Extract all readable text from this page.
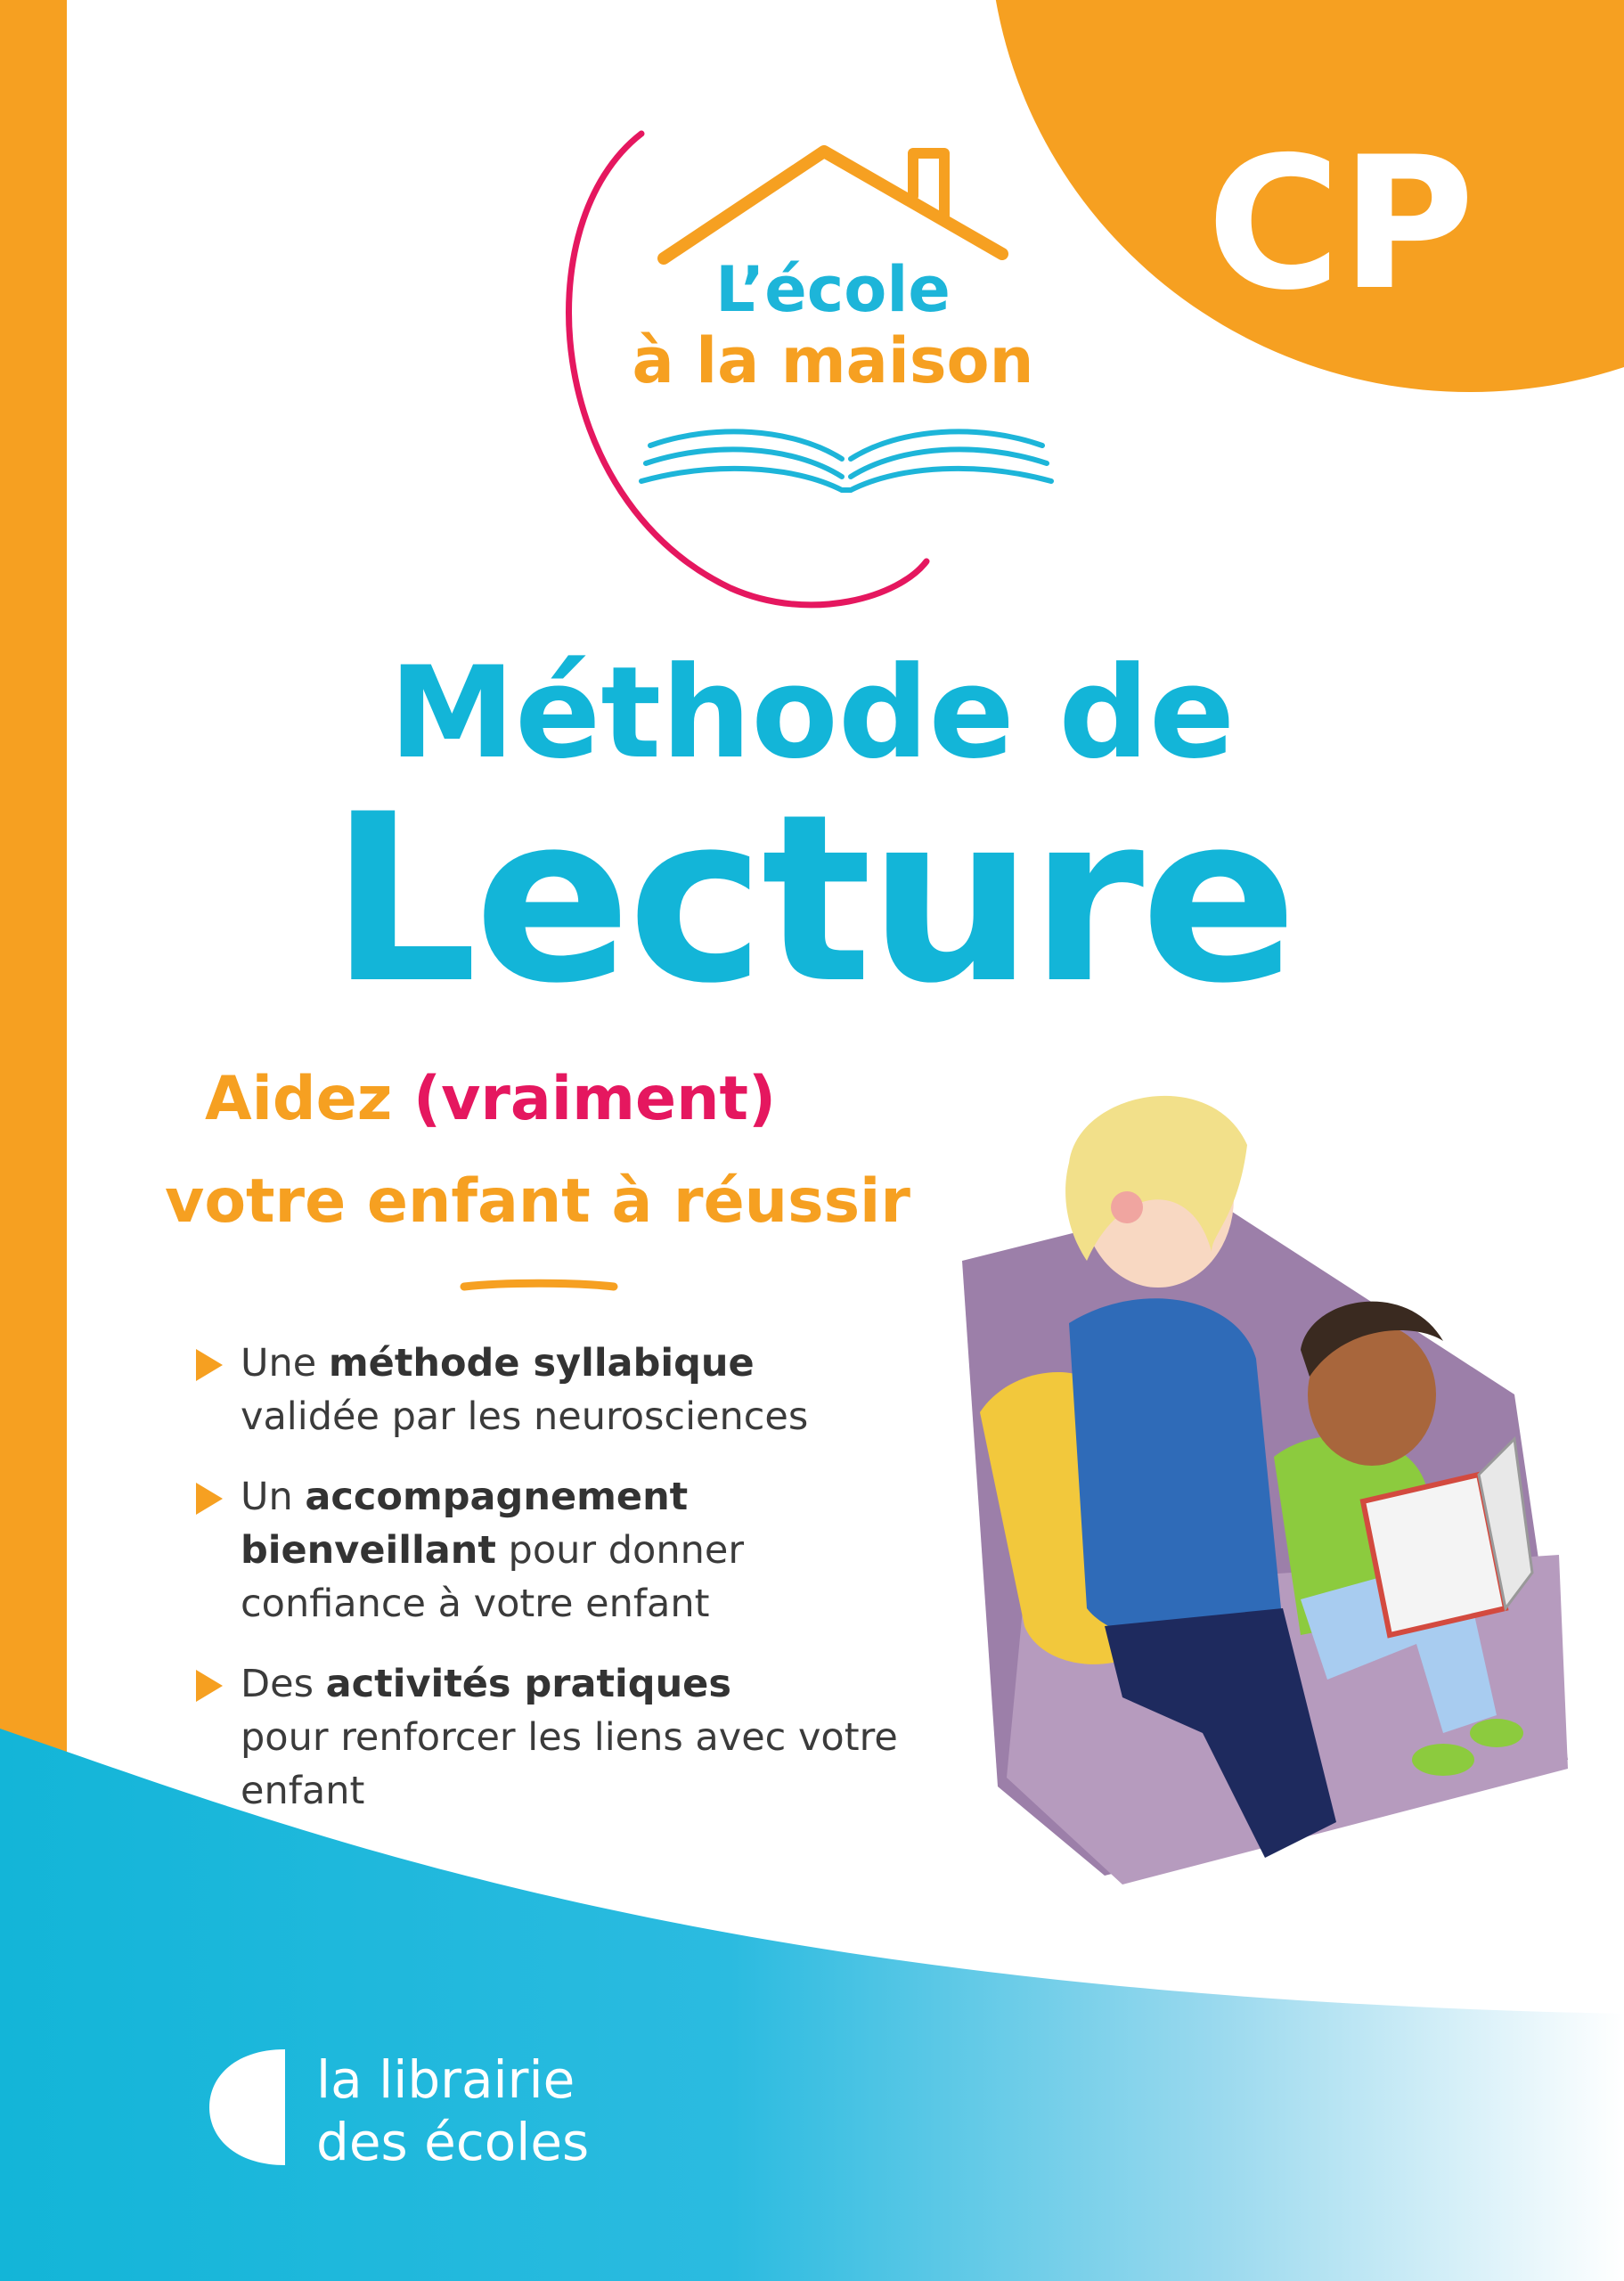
CP
L’école
à la maison
Méthode de
Lecture
Aidez (vraiment)
votre enfant à réussir
Une méthode syllabique
validée par les neurosciences
Un accompagnement bienveillant pour donner confiance à votre enfant
Des activités pratiques
pour renforcer les liens avec votre enfant
la librairie
des écoles
